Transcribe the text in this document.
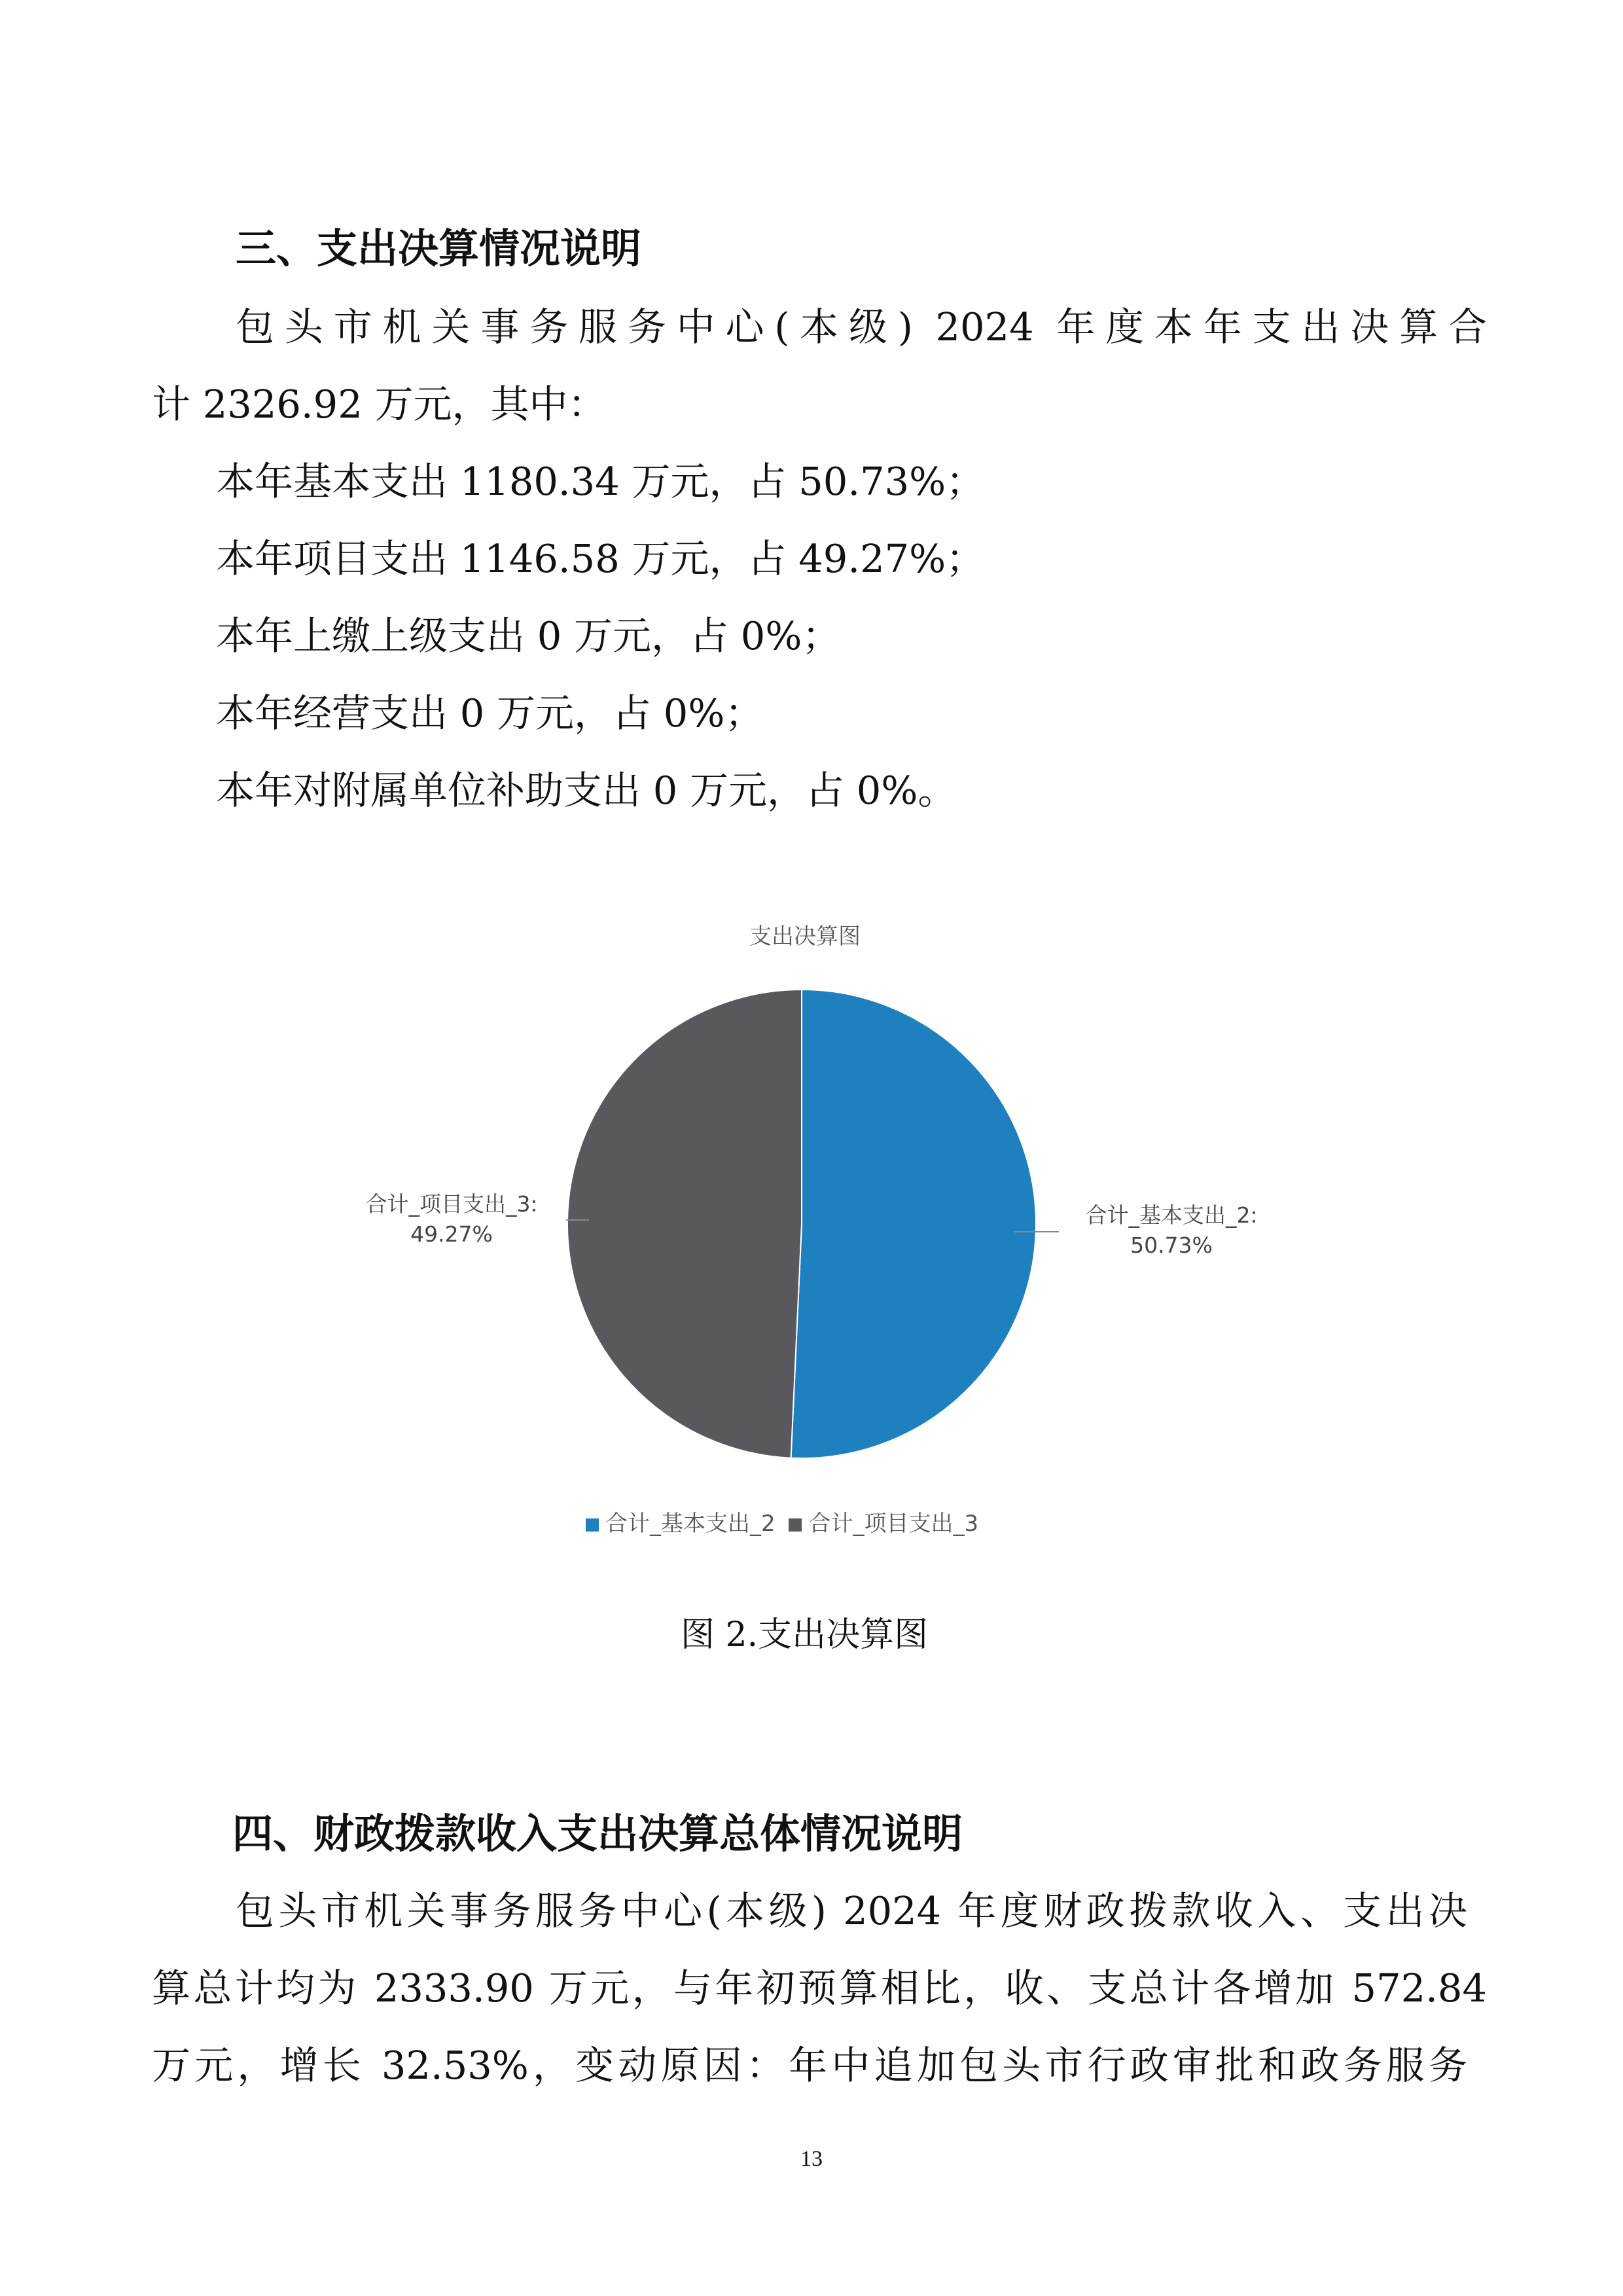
三、支出决算情况说明
包头市机关事务服务中心(本级) 2024 年度本年支出决算合
计 2326.92 万元，其中：
本年基本支出 1180.34 万元，占 50.73%；
本年项目支出 1146.58 万元，占 49.27%；
本年上缴上级支出 0 万元，占 0%；
本年经营支出 0 万元，占 0%；
本年对附属单位补助支出 0 万元，占 0%。
支出决算图
合计_项目支出_3:
49.27%
合计_基本支出_2:
50.73%
合计_基本支出_2 合计_项目支出_3
图 2.支出决算图
四、财政拨款收入支出决算总体情况说明
包头市机关事务服务中心(本级) 2024 年度财政拨款收入、支出决
算总计均为 2333.90 万元，与年初预算相比，收、支总计各增加 572.84
万元，增长 32.53%，变动原因：年中追加包头市行政审批和政务服务
13
